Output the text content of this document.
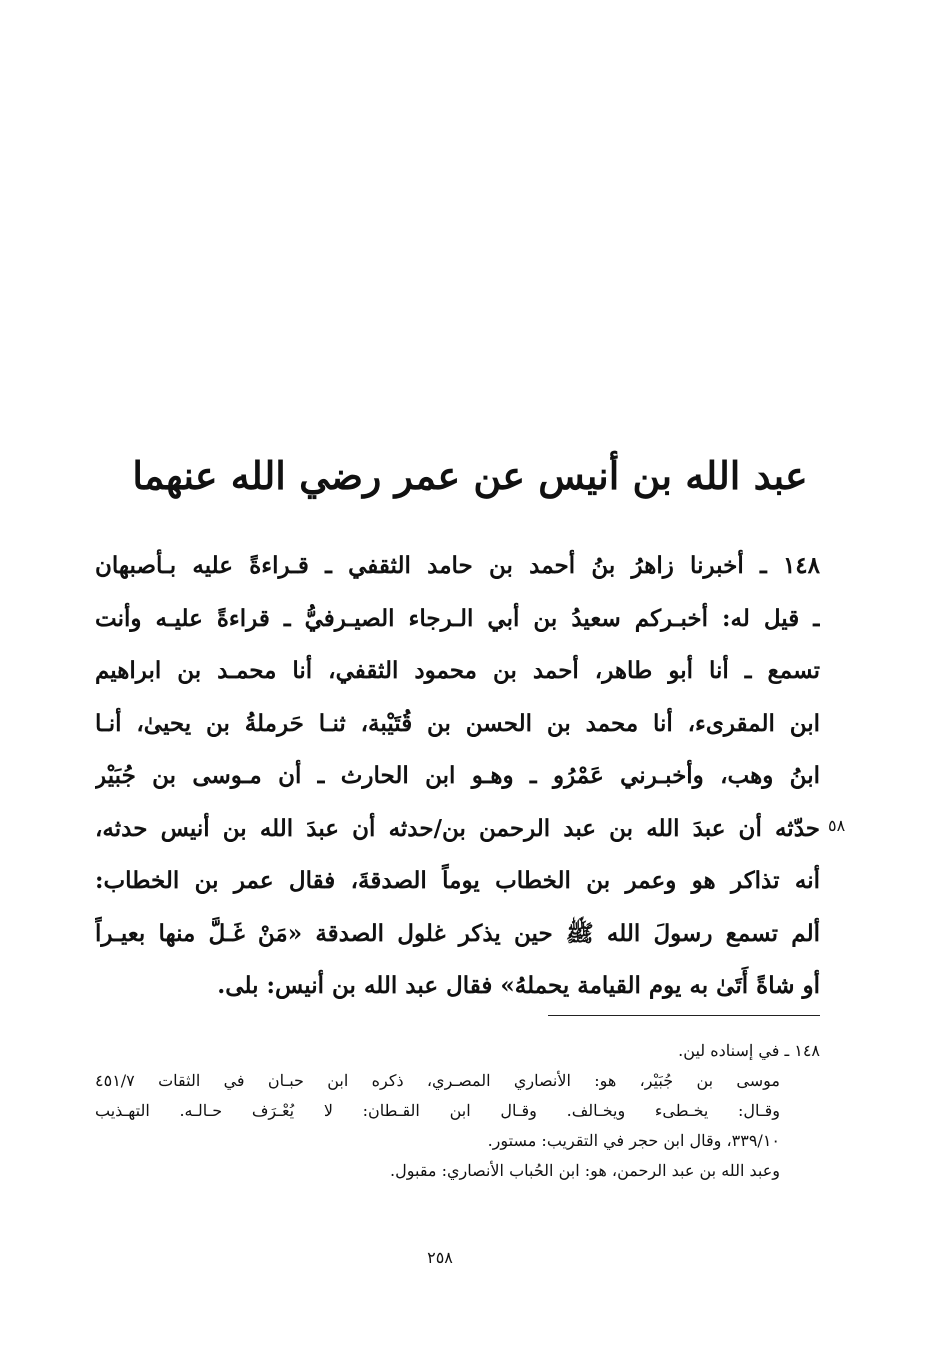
عبد الله بن أنيس عن عمر رضي الله عنهما
٥٨
١٤٨ ـ أخبرنا زاهرُ بنُ أحمد بن حامد الثقفي ـ قـراءةً عليه بـأصبهان
ـ قيل له: أخبـركم سعيدُ بن أبي الـرجاء الصيـرفيُّ ـ قراءةً عليـه وأنت
تسمع ـ أنا أبو طاهر، أحمد بن محمود الثقفي، أنا محمـد بن ابراهيم
ابن المقرىء، أنا محمد بن الحسن بن قُتَيْبة، ثنـا حَرملةُ بن يحيىٰ، أنـا
ابنُ وهب، وأخبـرني عَمْرُو ـ وهـو ابن الحارث ـ أن مـوسى بن جُبَيْر
حدّثه أن عبدَ الله بن عبد الرحمن بن/حدثه أن عبدَ الله بن أنيس حدثه،
أنه تذاكر هو وعمر بن الخطاب يوماً الصدقةَ، فقال عمر بن الخطاب:
ألم تسمع رسولَ الله ﷺ حين يذكر غلول الصدقة «مَنْ غَـلَّ منها بعيـراً
أو شاةً أَتَىٰ به يوم القيامة يحملهُ» فقال عبد الله بن أنيس: بلى.
١٤٨ ـ في إسناده لين.
موسى بن جُبَيْر، هو: الأنصاري المصـري، ذكره ابن حبـان في الثقات ٤٥١/٧
وقـال: يخـطىء ويخـالف. وقـال ابن القـطان: لا يُعْـرَف حـالـه. التهـذيب
٣٣٩/١٠، وقال ابن حجر في التقريب: مستور.
وعبد الله بن عبد الرحمن، هو: ابن الحُباب الأنصاري: مقبول.
٢٥٨
